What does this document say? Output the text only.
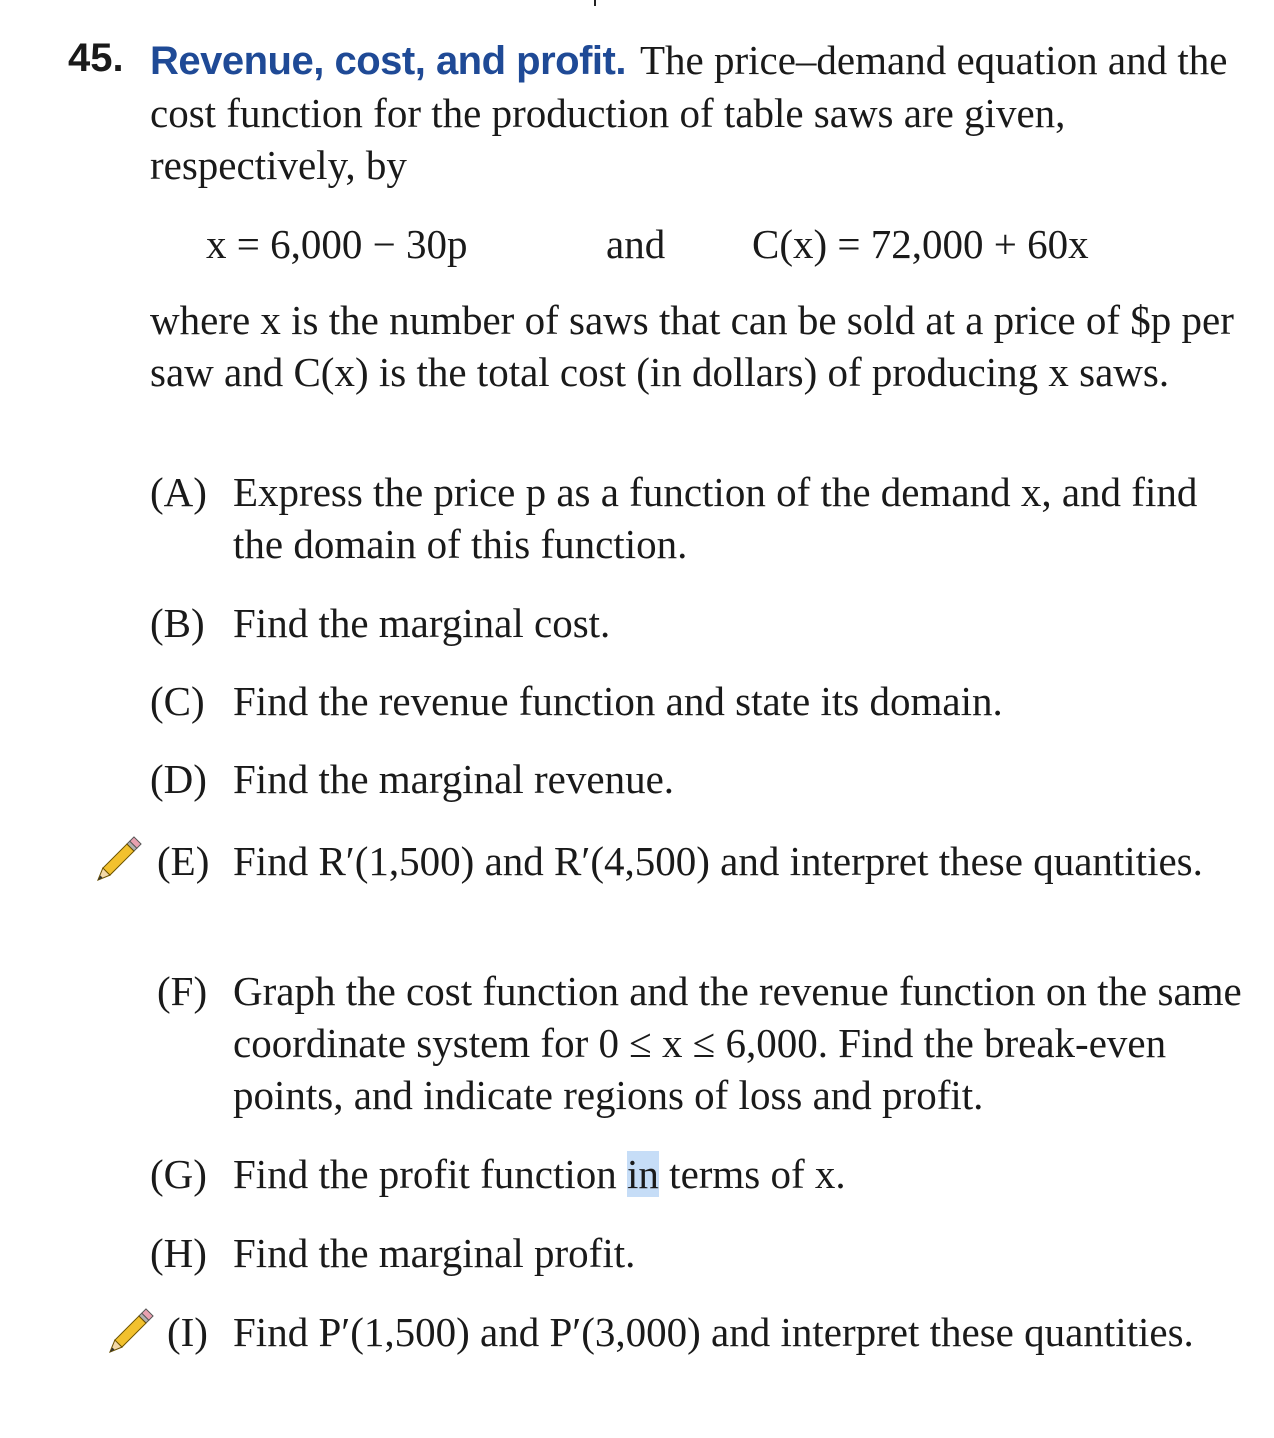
45. Revenue, cost, and profit. The price–demand equation and the cost function for the production of table saws are given, respectively, by
x = 6,000 − 30p	and C(x) = 72,000 + 60x
where x is the number of saws that can be sold at a price of $p per saw and C(x) is the total cost (in dollars) of producing x saws.
(A) Express the price p as a function of the demand x, and find the domain of this function.
(B) Find the marginal cost.
(C) Find the revenue function and state its domain.
(D) Find the marginal revenue.
(E) Find R′(1,500) and R′(4,500) and interpret these quantities.
(F) Graph the cost function and the revenue function on the same coordinate system for 0 ≤ x ≤ 6,000. Find the break-even points, and indicate regions of loss and profit.
(G) Find the profit function in terms of x.
(H) Find the marginal profit.
(I) Find P′(1,500) and P′(3,000) and interpret these quantities.
